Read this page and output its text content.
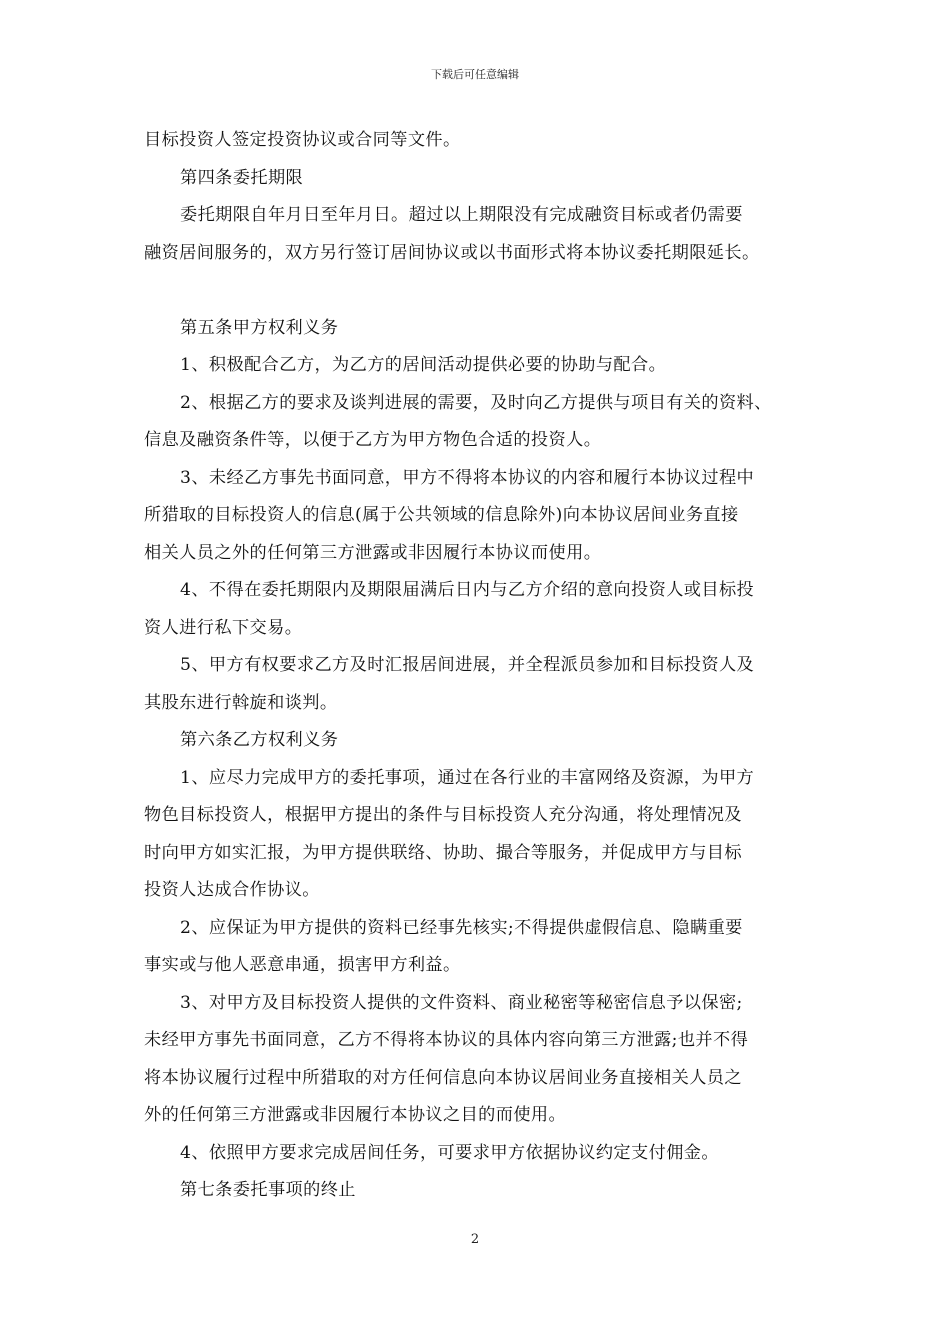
下载后可任意编辑
目标投资人签定投资协议或合同等文件。
第四条委托期限
委托期限自年月日至年月日。超过以上期限没有完成融资目标或者仍需要
融资居间服务的，双方另行签订居间协议或以书面形式将本协议委托期限延长。
第五条甲方权利义务
1、积极配合乙方，为乙方的居间活动提供必要的协助与配合。
2、根据乙方的要求及谈判进展的需要，及时向乙方提供与项目有关的资料、
信息及融资条件等，以便于乙方为甲方物色合适的投资人。
3、未经乙方事先书面同意，甲方不得将本协议的内容和履行本协议过程中
所猎取的目标投资人的信息(属于公共领域的信息除外)向本协议居间业务直接
相关人员之外的任何第三方泄露或非因履行本协议而使用。
4、不得在委托期限内及期限届满后日内与乙方介绍的意向投资人或目标投
资人进行私下交易。
5、甲方有权要求乙方及时汇报居间进展，并全程派员参加和目标投资人及
其股东进行斡旋和谈判。
第六条乙方权利义务
1、应尽力完成甲方的委托事项，通过在各行业的丰富网络及资源，为甲方
物色目标投资人，根据甲方提出的条件与目标投资人充分沟通，将处理情况及
时向甲方如实汇报，为甲方提供联络、协助、撮合等服务，并促成甲方与目标
投资人达成合作协议。
2、应保证为甲方提供的资料已经事先核实;不得提供虚假信息、隐瞒重要
事实或与他人恶意串通，损害甲方利益。
3、对甲方及目标投资人提供的文件资料、商业秘密等秘密信息予以保密;
未经甲方事先书面同意，乙方不得将本协议的具体内容向第三方泄露;也并不得
将本协议履行过程中所猎取的对方任何信息向本协议居间业务直接相关人员之
外的任何第三方泄露或非因履行本协议之目的而使用。
4、依照甲方要求完成居间任务，可要求甲方依据协议约定支付佣金。
第七条委托事项的终止
2
